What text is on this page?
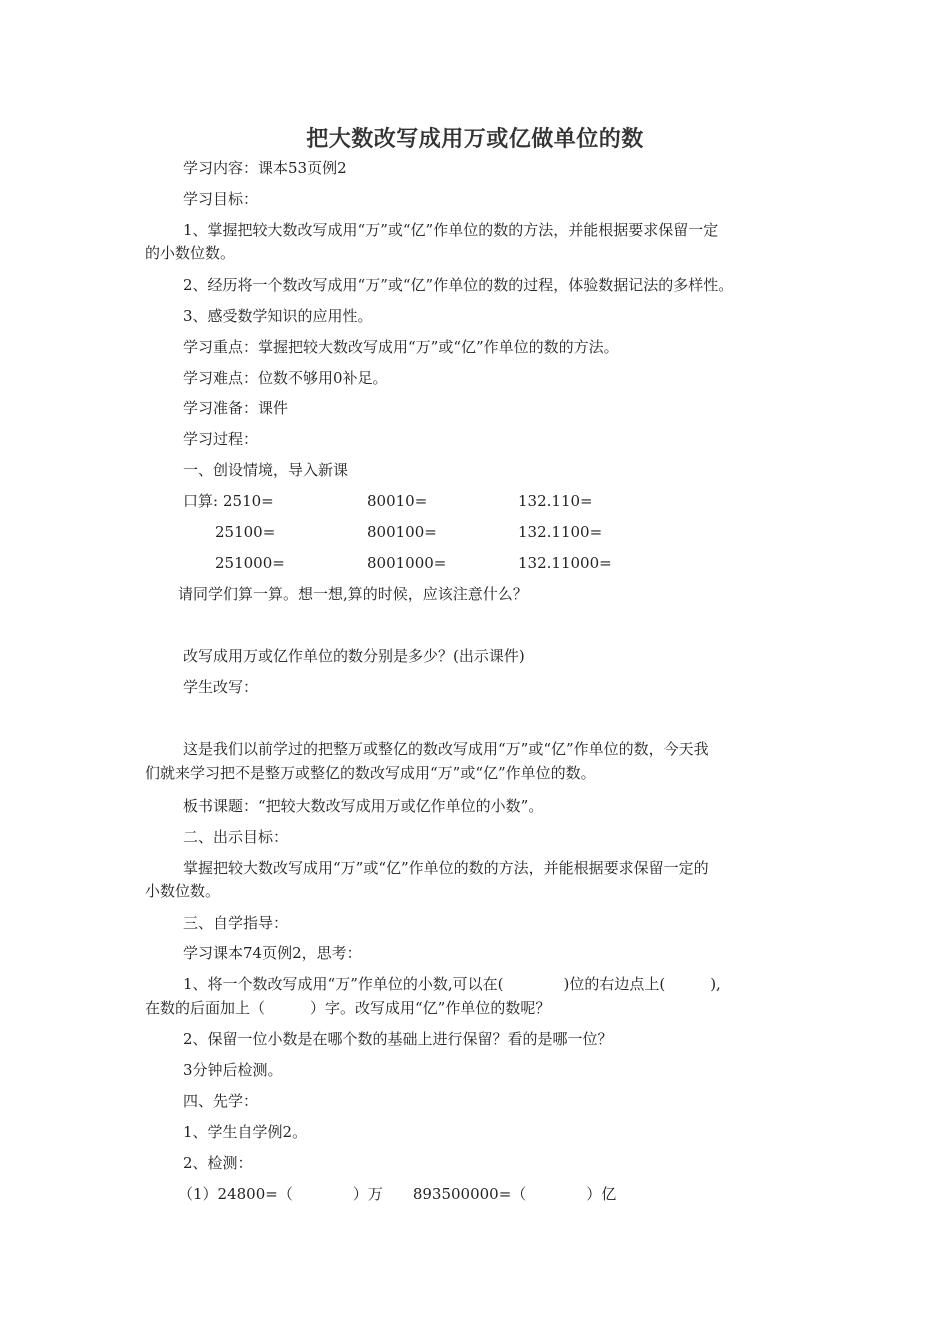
把大数改写成用万或亿做单位的数
学习内容：课本53页例2
学习目标：
1、掌握把较大数改写成用“万”或“亿”作单位的数的方法，并能根据要求保留一定
的小数位数。
2、经历将一个数改写成用“万”或“亿”作单位的数的过程，体验数据记法的多样性。
3、感受数学知识的应用性。
学习重点：掌握把较大数改写成用“万”或“亿”作单位的数的方法。
学习难点：位数不够用0补足。
学习准备：课件
学习过程：
一、创设情境，导入新课
口算: 2510=	80010=	132.110=
25100=	800100=	132.1100=
251000=	8001000=	132.11000=
请同学们算一算。想一想,算的时候，应该注意什么？
改写成用万或亿作单位的数分别是多少？(出示课件)
学生改写：
这是我们以前学过的把整万或整亿的数改写成用“万”或“亿”作单位的数，今天我
们就来学习把不是整万或整亿的数改写成用“万”或“亿”作单位的数。
板书课题：“把较大数改写成用万或亿作单位的小数”。
二、出示目标：
掌握把较大数改写成用“万”或“亿”作单位的数的方法，并能根据要求保留一定的
小数位数。
三、自学指导：
学习课本74页例2，思考：
1、将一个数改写成用“万”作单位的小数,可以在(　　　　)位的右边点上(　　　),
在数的后面加上（　　　）字。改写成用“亿”作单位的数呢？
2、保留一位小数是在哪个数的基础上进行保留？看的是哪一位？
3分钟后检测。
四、先学：
1、学生自学例2。
2、检测：
（1）24800=（　　　　）万　　893500000=（　　　　）亿
